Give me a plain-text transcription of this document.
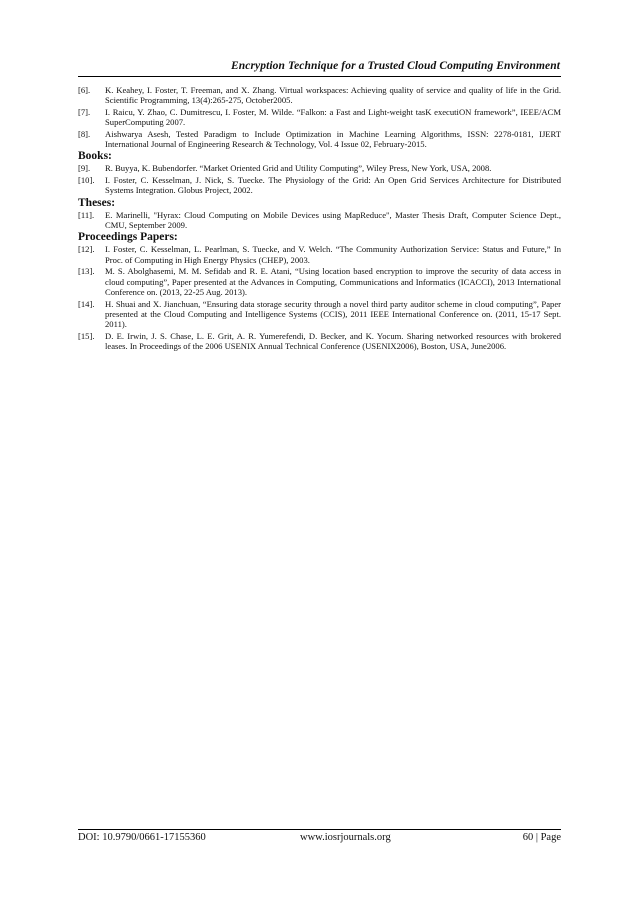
Encryption Technique for a Trusted Cloud Computing Environment
[6].	K. Keahey, I. Foster, T. Freeman, and X. Zhang. Virtual workspaces: Achieving quality of service and quality of life in the Grid. Scientific Programming, 13(4):265-275, October2005.
[7].	I. Raicu, Y. Zhao, C. Dumitrescu, I. Foster, M. Wilde. “Falkon: a Fast and Light-weight tasK executiON framework”, IEEE/ACM SuperComputing 2007.
[8].	Aishwarya Asesh, Tested Paradigm to Include Optimization in Machine Learning Algorithms, ISSN: 2278-0181, IJERT International Journal of Engineering Research & Technology, Vol. 4 Issue 02, February-2015.
Books:
[9].	R. Buyya, K. Bubendorfer. “Market Oriented Grid and Utility Computing”, Wiley Press, New York, USA, 2008.
[10].	I. Foster, C. Kesselman, J. Nick, S. Tuecke. The Physiology of the Grid: An Open Grid Services Architecture for Distributed Systems Integration. Globus Project, 2002.
Theses:
[11].	E. Marinelli, "Hyrax: Cloud Computing on Mobile Devices using MapReduce", Master Thesis Draft, Computer Science Dept., CMU, September 2009.
Proceedings Papers:
[12].	I. Foster, C. Kesselman, L. Pearlman, S. Tuecke, and V. Welch. “The Community Authorization Service: Status and Future,” In Proc. of Computing in High Energy Physics (CHEP), 2003.
[13].	M. S. Abolghasemi, M. M. Sefidab and R. E. Atani, “Using location based encryption to improve the security of data access in cloud computing”, Paper presented at the Advances in Computing, Communications and Informatics (ICACCI), 2013 International Conference on. (2013, 22-25 Aug. 2013).
[14].	H. Shuai and X. Jianchuan, “Ensuring data storage security through a novel third party auditor scheme in cloud computing”, Paper presented at the Cloud Computing and Intelligence Systems (CCIS), 2011 IEEE International Conference on. (2011, 15-17 Sept. 2011).
[15].	D. E. Irwin, J. S. Chase, L. E. Grit, A. R. Yumerefendi, D. Becker, and K. Yocum. Sharing networked resources with brokered leases. In Proceedings of the 2006 USENIX Annual Technical Conference (USENIX2006), Boston, USA, June2006.
DOI: 10.9790/0661-17155360	www.iosrjournals.org	60 | Page
